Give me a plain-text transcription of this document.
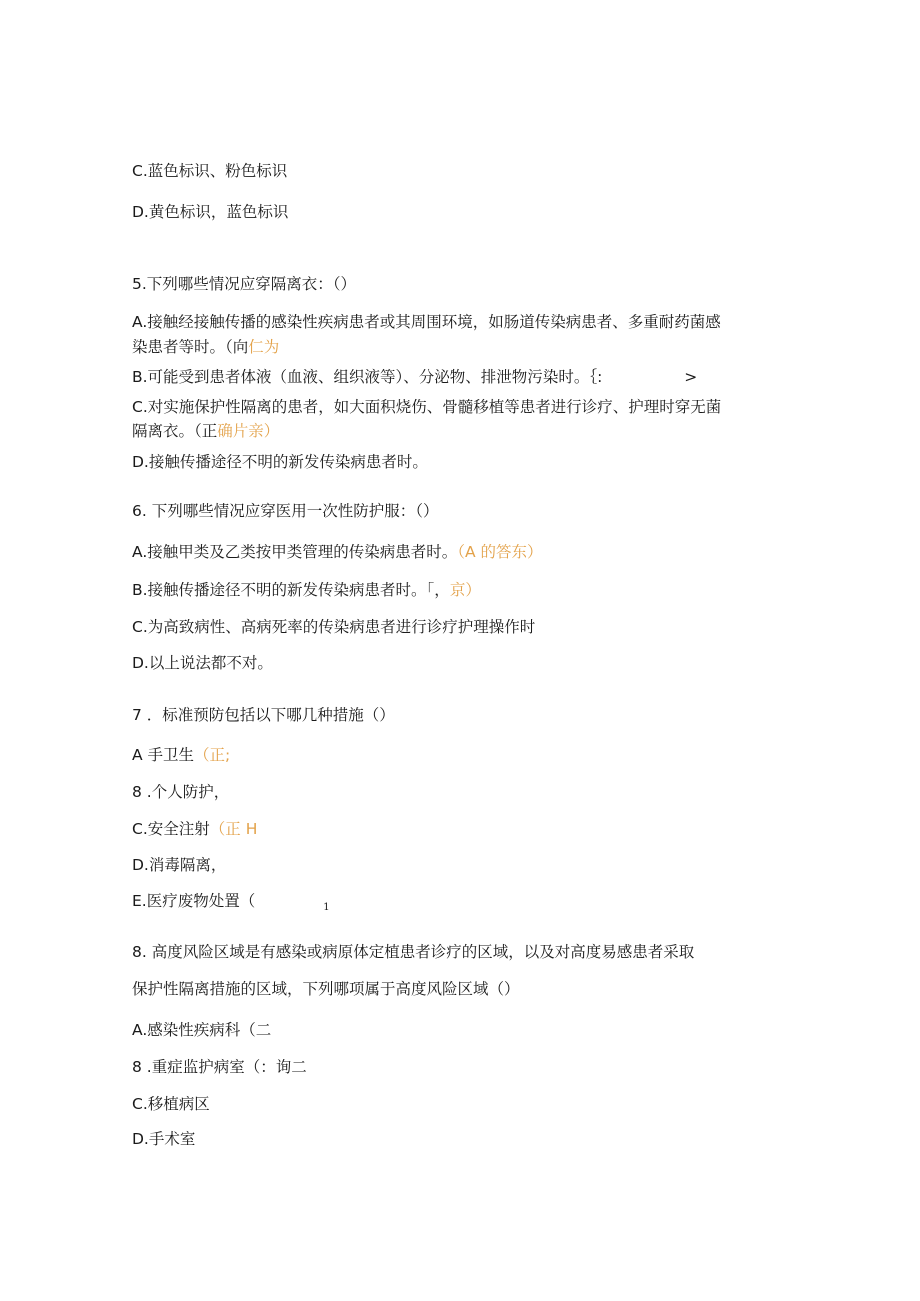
C.蓝色标识、粉色标识
D.黄色标识，蓝色标识
5.下列哪些情况应穿隔离衣：（）
A.接触经接触传播的感染性疾病患者或其周围环境，如肠道传染病患者、多重耐药菌感
染患者等时。（向仁为
B.可能受到患者体液（血液、组织液等）、分泌物、排泄物污染时。｛:	>
C.对实施保护性隔离的患者，如大面积烧伤、骨髓移植等患者进行诊疗、护理时穿无菌
隔离衣。（正确片亲）
D.接触传播途径不明的新发传染病患者时。
6. 下列哪些情况应穿医用一次性防护服：（）
A.接触甲类及乙类按甲类管理的传染病患者时。（A 的答东）
B.接触传播途径不明的新发传染病患者时。「，京）
C.为高致病性、高病死率的传染病患者进行诊疗护理操作时
D.以上说法都不对。
7 ．标准预防包括以下哪几种措施（）
A 手卫生（正;
8 .个人防护，
C.安全注射（正 H
D.消毒隔离，
E.医疗废物处置（	$_1$
8. 高度风险区域是有感染或病原体定植患者诊疗的区域，以及对高度易感患者采取
保护性隔离措施的区域，下列哪项属于高度风险区域（）
A.感染性疾病科（二
8 .重症监护病室（：询二
C.移植病区
D.手术室
